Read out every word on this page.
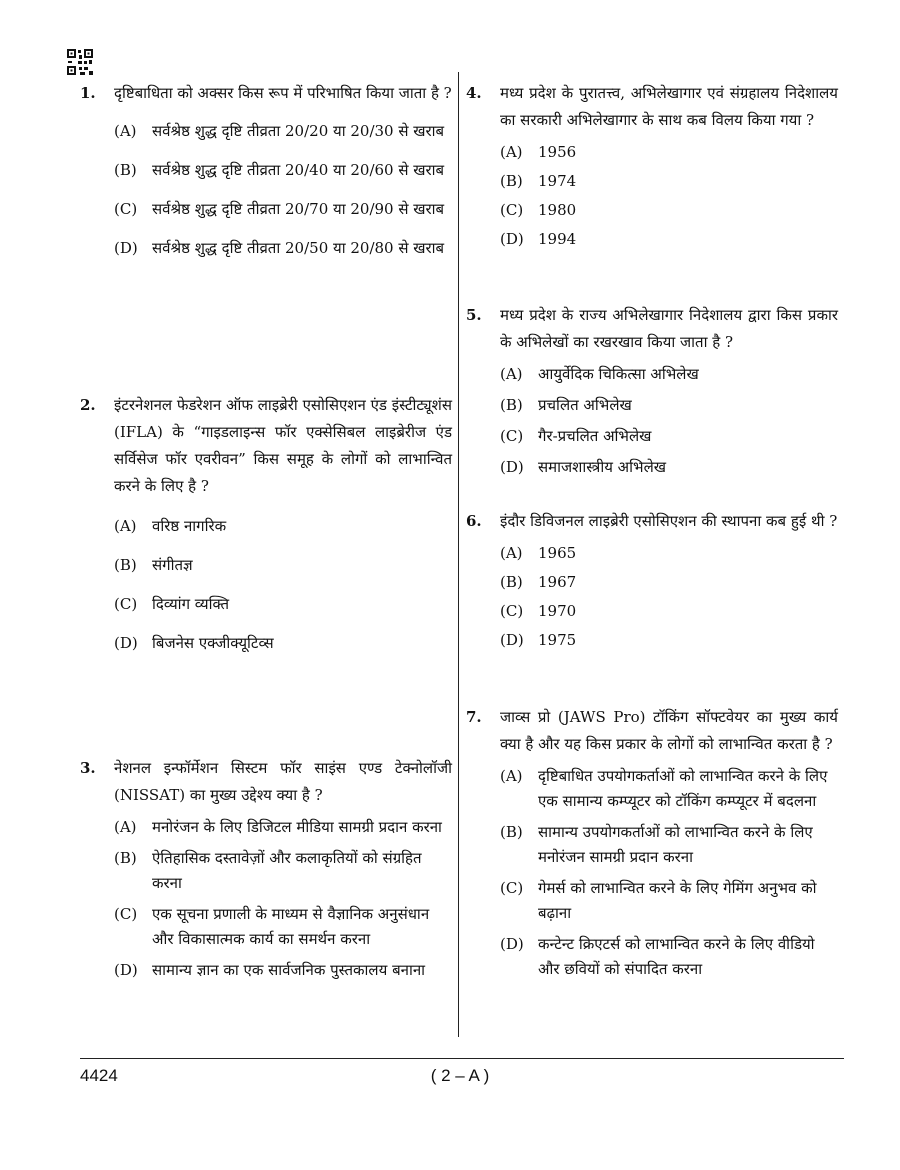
1.	दृष्टिबाधिता को अक्सर किस रूप में परिभाषित किया जाता है ?
(A)	सर्वश्रेष्ठ शुद्ध दृष्टि तीव्रता 20/20 या 20/30 से खराब
(B)	सर्वश्रेष्ठ शुद्ध दृष्टि तीव्रता 20/40 या 20/60 से खराब
(C) सर्वश्रेष्ठ शुद्ध दृष्टि तीव्रता 20/70 या 20/90 से खराब
(D) सर्वश्रेष्ठ शुद्ध दृष्टि तीव्रता 20/50 या 20/80 से खराब
2.	इंटरनेशनल फेडरेशन ऑफ लाइब्रेरी एसोसिएशन एंड इंस्टीट्यूशंस (IFLA) के “गाइडलाइन्स फॉर एक्सेसिबल लाइब्रेरीज एंड सर्विसेज फॉर एवरीवन” किस समूह के लोगों को लाभान्वित करने के लिए है ?
(A)	वरिष्ठ नागरिक
(B)	संगीतज्ञ
(C) दिव्यांग व्यक्ति
(D) बिजनेस एक्जीक्यूटिव्स
3.	नेशनल इन्फॉर्मेशन सिस्टम फॉर साइंस एण्ड टेक्नोलॉजी (NISSAT) का मुख्य उद्देश्य क्या है ?
(A)	मनोरंजन के लिए डिजिटल मीडिया सामग्री प्रदान करना
(B)	ऐतिहासिक दस्तावेज़ों और कलाकृतियों को संग्रहित करना
(C) एक सूचना प्रणाली के माध्यम से वैज्ञानिक अनुसंधान और विकासात्मक कार्य का समर्थन करना
(D) सामान्य ज्ञान का एक सार्वजनिक पुस्तकालय बनाना
4.	मध्य प्रदेश के पुरातत्त्व, अभिलेखागार एवं संग्रहालय निदेशालय का सरकारी अभिलेखागार के साथ कब विलय किया गया ?
(A)	1956
(B)	1974
(C) 1980
(D) 1994
5.	मध्य प्रदेश के राज्य अभिलेखागार निदेशालय द्वारा किस प्रकार के अभिलेखों का रखरखाव किया जाता है ?
(A)	आयुर्वेदिक चिकित्सा अभिलेख
(B)	प्रचलित अभिलेख
(C) गैर-प्रचलित अभिलेख
(D) समाजशास्त्रीय अभिलेख
6.	इंदौर डिविजनल लाइब्रेरी एसोसिएशन की स्थापना कब हुई थी ?
(A)	1965
(B)	1967
(C) 1970
(D) 1975
7.	जाव्स प्रो (JAWS Pro) टॉकिंग सॉफ्टवेयर का मुख्य कार्य क्या है और यह किस प्रकार के लोगों को लाभान्वित करता है ?
(A)	दृष्टिबाधित उपयोगकर्ताओं को लाभान्वित करने के लिए एक सामान्य कम्प्यूटर को टॉकिंग कम्प्यूटर में बदलना
(B)	सामान्य उपयोगकर्ताओं को लाभान्वित करने के लिए मनोरंजन सामग्री प्रदान करना
(C) गेमर्स को लाभान्वित करने के लिए गेमिंग अनुभव को बढ़ाना
(D) कन्टेन्ट क्रिएटर्स को लाभान्वित करने के लिए वीडियो और छवियों को संपादित करना
4424	( 2 – A )
